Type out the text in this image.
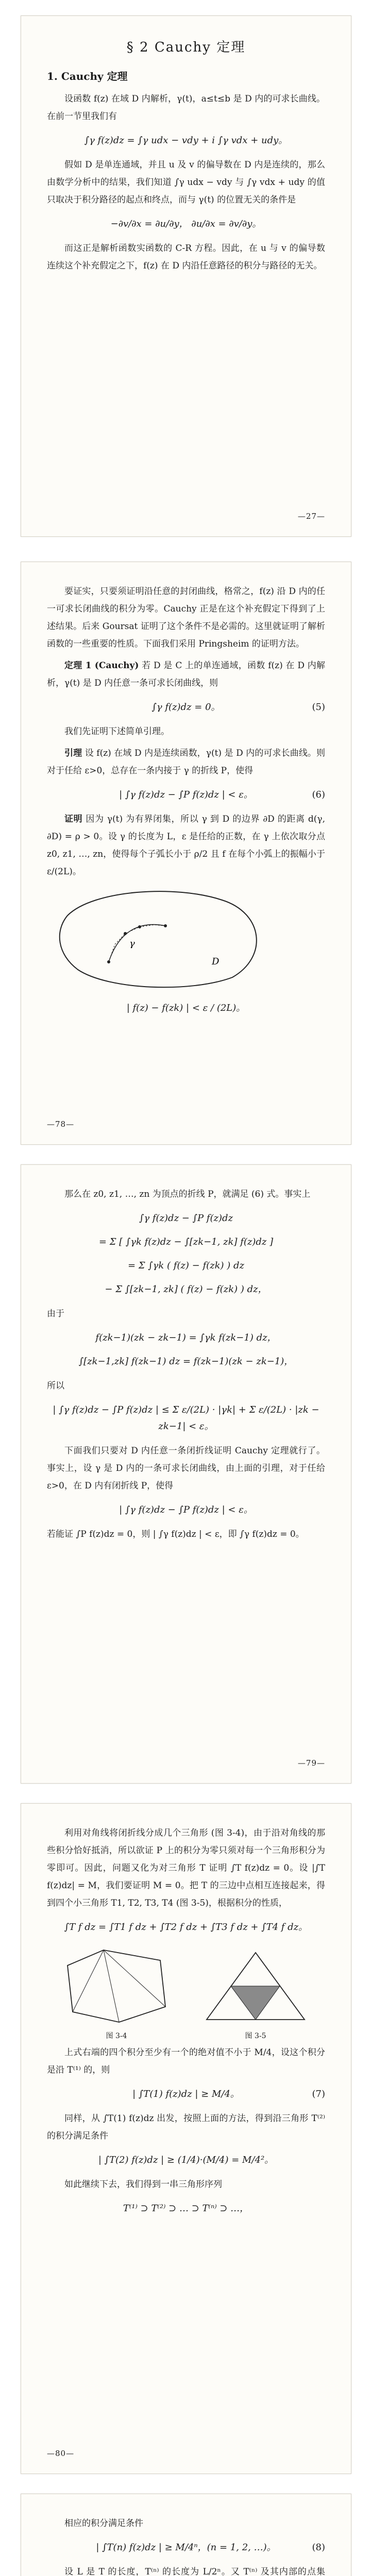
§ 2 Cauchy 定理
1. Cauchy 定理

设函数 f(z) 在域 D 内解析，γ(t)，a≤t≤b 是 D 内的可求长曲线。在前一节里我们有

∫γ f(z)dz = ∫γ udx − vdy + i ∫γ vdx + udy。

假如 D 是单连通域，并且 u 及 v 的偏导数在 D 内是连续的，那么由数学分析中的结果，我们知道 ∫γ udx − vdy 与 ∫γ vdx + udy 的值只取决于积分路径的起点和终点，而与 γ(t) 的位置无关的条件是

−∂v/∂x = ∂u/∂y， ∂u/∂x = ∂v/∂y。

而这正是解析函数实函数的 C-R 方程。因此，在 u 与 v 的偏导数连续这个补充假定之下，f(z) 在 D 内沿任意路径的积分与路径的无关。

—27—

要证实，只要须证明沿任意的封闭曲线，格常之，f(z) 沿 D 内的任一可求长闭曲线的积分为零。Cauchy 正是在这个补充假定下得到了上述结果。后来 Goursat 证明了这个条件不是必需的。这里就证明了解析函数的一些重要的性质。下面我们采用 Pringsheim 的证明方法。

定理 1 (Cauchy) 若 D 是 C 上的单连通域，函数 f(z) 在 D 内解析，γ(t) 是 D 内任意一条可求长闭曲线，则

∫γ f(z)dz = 0。	(5)

我们先证明下述简单引理。

引理 设 f(z) 在域 D 内是连续函数，γ(t) 是 D 内的可求长曲线。则对于任给 ε>0，总存在一条内接于 γ 的折线 P，使得

| ∫γ f(z)dz − ∫P f(z)dz | < ε。	(6)

证明 因为 γ(t) 为有界闭集，所以 γ 到 D 的边界 ∂D 的距离 d(γ, ∂D) = ρ > 0。设 γ 的长度为 L，ε 是任给的正数，在 γ 上依次取分点 z0, z1, …, zn，使得每个子弧长小于 ρ/2 且 f 在每个小弧上的振幅小于 ε/(2L)。

γ
D
| f(z) − f(zk) | < ε / (2L)。
—78—

那么在 z0, z1, …, zn 为顶点的折线 P，就满足 (6) 式。事实上

∫γ f(z)dz − ∫P f(z)dz
= Σ [ ∫γk f(z)dz − ∫[zk−1, zk] f(z)dz ]
= Σ ∫γk ( f(z) − f(zk) ) dz
− Σ ∫[zk−1, zk] ( f(z) − f(zk) ) dz，

由于

f(zk−1)(zk − zk−1) = ∫γk f(zk−1) dz，
∫[zk−1,zk] f(zk−1) dz = f(zk−1)(zk − zk−1)，

所以

| ∫γ f(z)dz − ∫P f(z)dz | ≤ Σ ε/(2L) · |γk| + Σ ε/(2L) · |zk − zk−1| < ε。

下面我们只要对 D 内任意一条闭折线证明 Cauchy 定理就行了。事实上，设 γ 是 D 内的一条可求长闭曲线，由上面的引理，对于任给 ε>0，在 D 内有闭折线 P，使得

| ∫γ f(z)dz − ∫P f(z)dz | < ε。

若能证 ∫P f(z)dz = 0，则 | ∫γ f(z)dz | < ε，即 ∫γ f(z)dz = 0。

—79—

利用对角线将闭折线分成几个三角形 (图 3-4)，由于沿对角线的那些积分恰好抵消，所以欲证 P 上的积分为零只须对每一个三角形积分为零即可。因此，问题又化为对三角形 T 证明 ∫T f(z)dz = 0。设 |∫T f(z)dz| = M，我们要证明 M = 0。把 T 的三边中点相互连接起来，得到四个小三角形 T1, T2, T3, T4 (图 3-5)，根据积分的性质，

∫T f dz = ∫T1 f dz + ∫T2 f dz + ∫T3 f dz + ∫T4 f dz。
图 3-4	图 3-5

上式右端的四个积分至少有一个的绝对值不小于 M/4，设这个积分是沿 T⁽¹⁾ 的，则

| ∫T(1) f(z)dz | ≥ M/4。	(7)

同样，从 ∫T(1) f(z)dz 出发，按照上面的方法，得到沿三角形 T⁽²⁾ 的积分满足条件

| ∫T(2) f(z)dz | ≥ (1/4)·(M/4) = M/4²。

如此继续下去，我们得到一串三角形序列

T⁽¹⁾ ⊃ T⁽²⁾ ⊃ … ⊃ T⁽ⁿ⁾ ⊃ …，
—80—

相应的积分满足条件

| ∫T(n) f(z)dz | ≥ M/4ⁿ，(n = 1, 2, …)。	(8)

设 L 是 T 的长度，T⁽ⁿ⁾ 的长度为 L/2ⁿ。又 T⁽ⁿ⁾ 及其内部的点集
